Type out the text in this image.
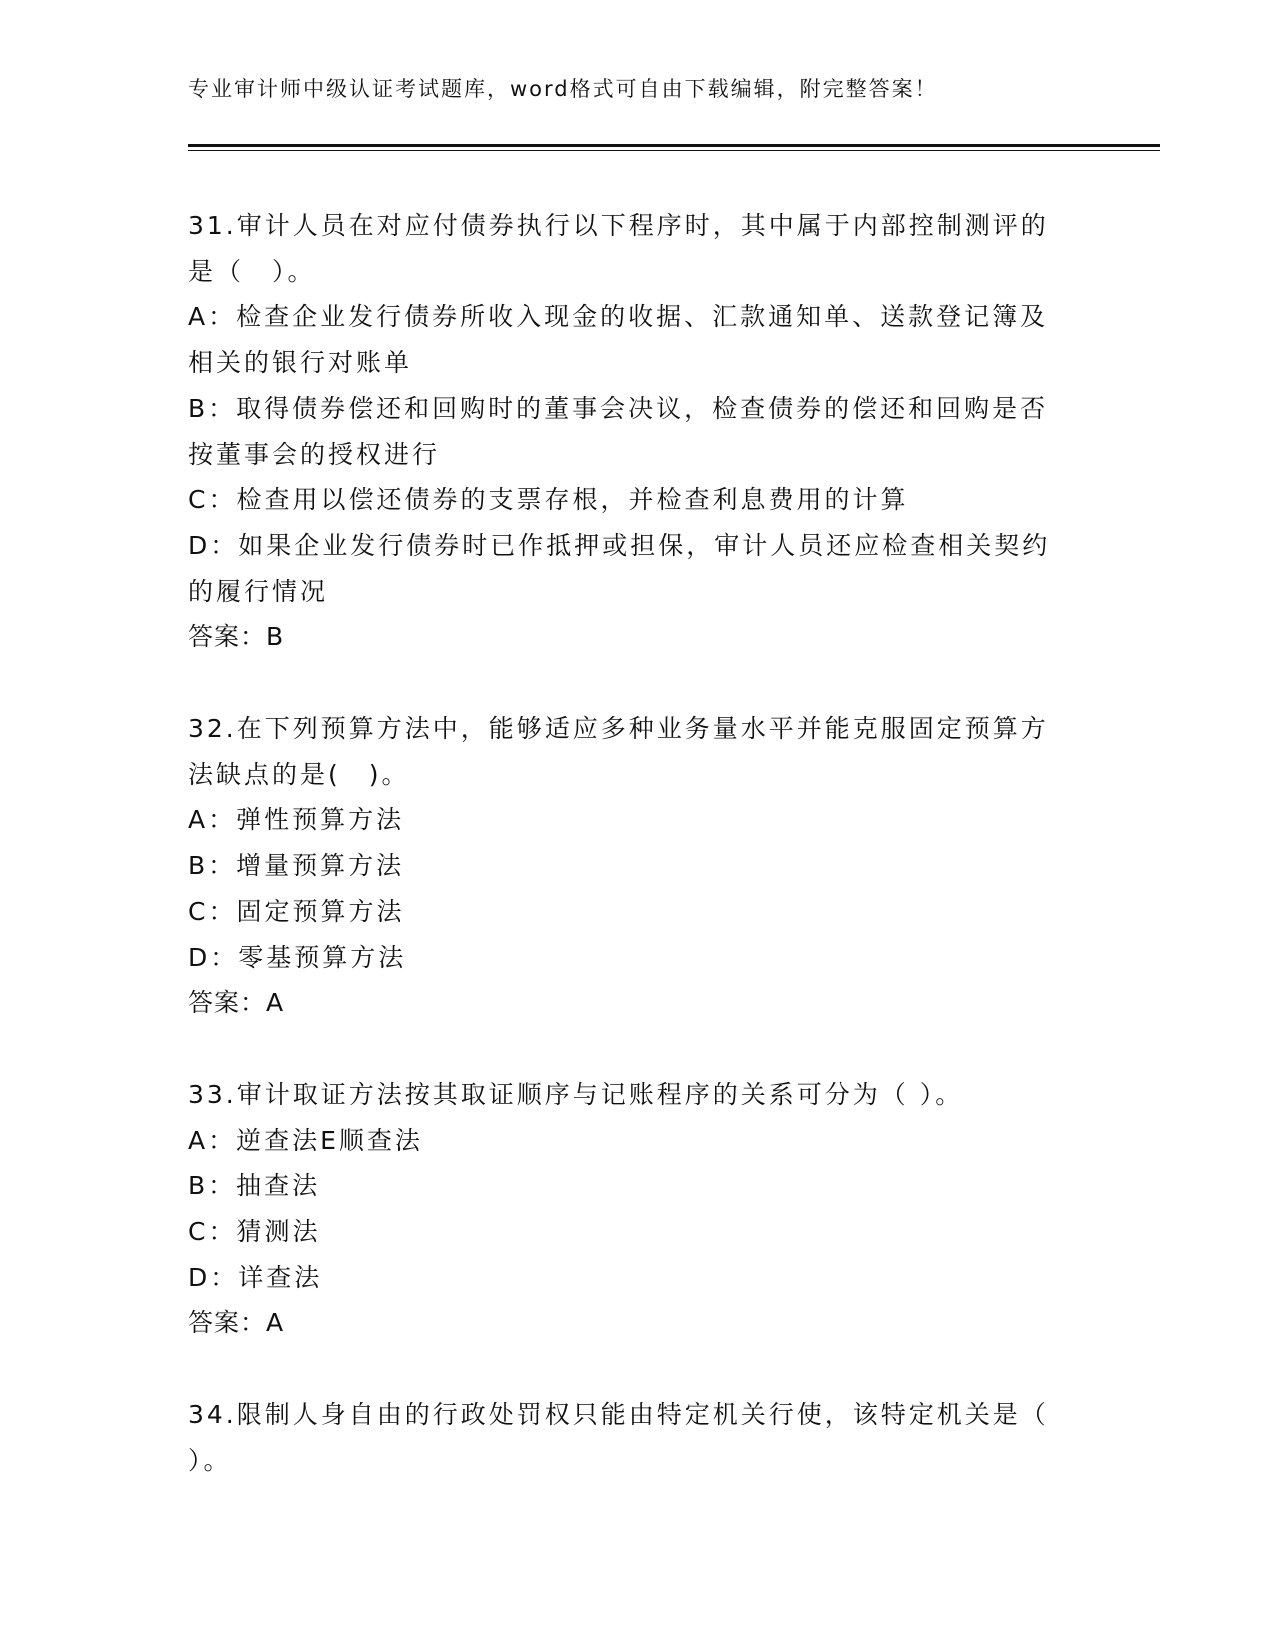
专业审计师中级认证考试题库，word格式可自由下载编辑，附完整答案！
31.审计人员在对应付债券执行以下程序时，其中属于内部控制测评的
是（　）。
A：检查企业发行债券所收入现金的收据、汇款通知单、送款登记簿及
相关的银行对账单
B：取得债券偿还和回购时的董事会决议，检查债券的偿还和回购是否
按董事会的授权进行
C：检查用以偿还债券的支票存根，并检查利息费用的计算
D：如果企业发行债券时已作抵押或担保，审计人员还应检查相关契约
的履行情况
答案：B
32.在下列预算方法中，能够适应多种业务量水平并能克服固定预算方
法缺点的是(　)。
A：弹性预算方法
B：增量预算方法
C：固定预算方法
D：零基预算方法
答案：A
33.审计取证方法按其取证顺序与记账程序的关系可分为（ ）。
A：逆查法E顺查法
B：抽查法
C：猜测法
D：详查法
答案：A
34.限制人身自由的行政处罚权只能由特定机关行使，该特定机关是（
）。
